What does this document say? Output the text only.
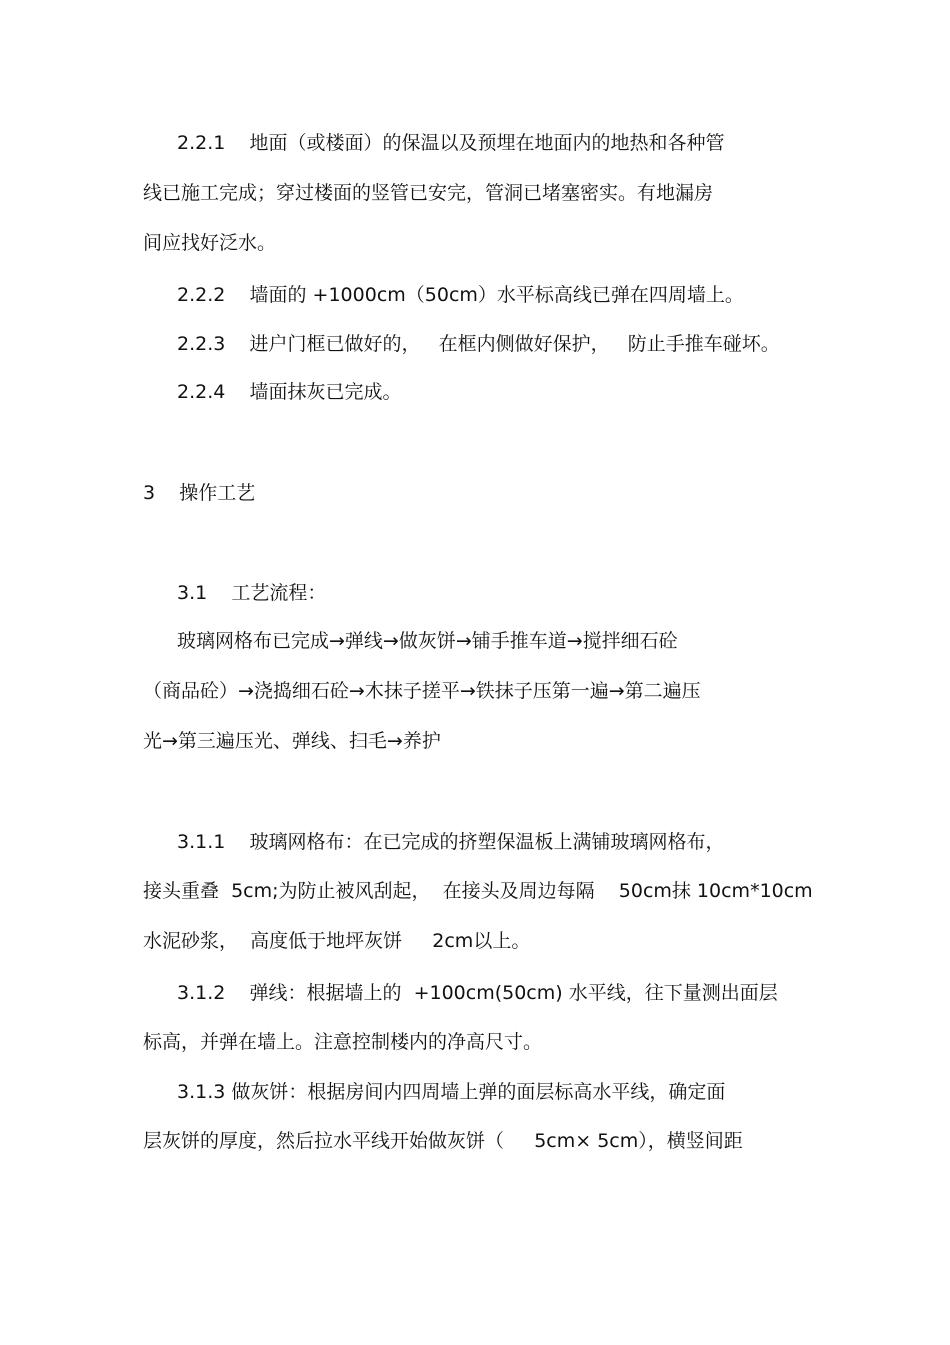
2.2.1    地面（或楼面）的保温以及预埋在地面内的地热和各种管
线已施工完成；穿过楼面的竖管已安完，管洞已堵塞密实。有地漏房
间应找好泛水。
2.2.2    墙面的 +1000cm（50cm）水平标高线已弹在四周墙上。
2.2.3    进户门框已做好的，   在框内侧做好保护，   防止手推车碰坏。
2.2.4    墙面抹灰已完成。
3    操作工艺
3.1    工艺流程：
玻璃网格布已完成→弹线→做灰饼→铺手推车道→搅拌细石砼
（商品砼）→浇捣细石砼→木抹子搓平→铁抹子压第一遍→第二遍压
光→第三遍压光、弹线、扫毛→养护
3.1.1    玻璃网格布：在已完成的挤塑保温板上满铺玻璃网格布，
接头重叠  5cm;为防止被风刮起，  在接头及周边每隔    50cm抹 10cm*10cm
水泥砂浆，  高度低于地坪灰饼     2cm以上。
3.1.2    弹线：根据墙上的  +100cm(50cm) 水平线，往下量测出面层
标高，并弹在墙上。注意控制楼内的净高尺寸。
3.1.3 做灰饼：根据房间内四周墙上弹的面层标高水平线，确定面
层灰饼的厚度，然后拉水平线开始做灰饼（     5cm× 5cm），横竖间距
